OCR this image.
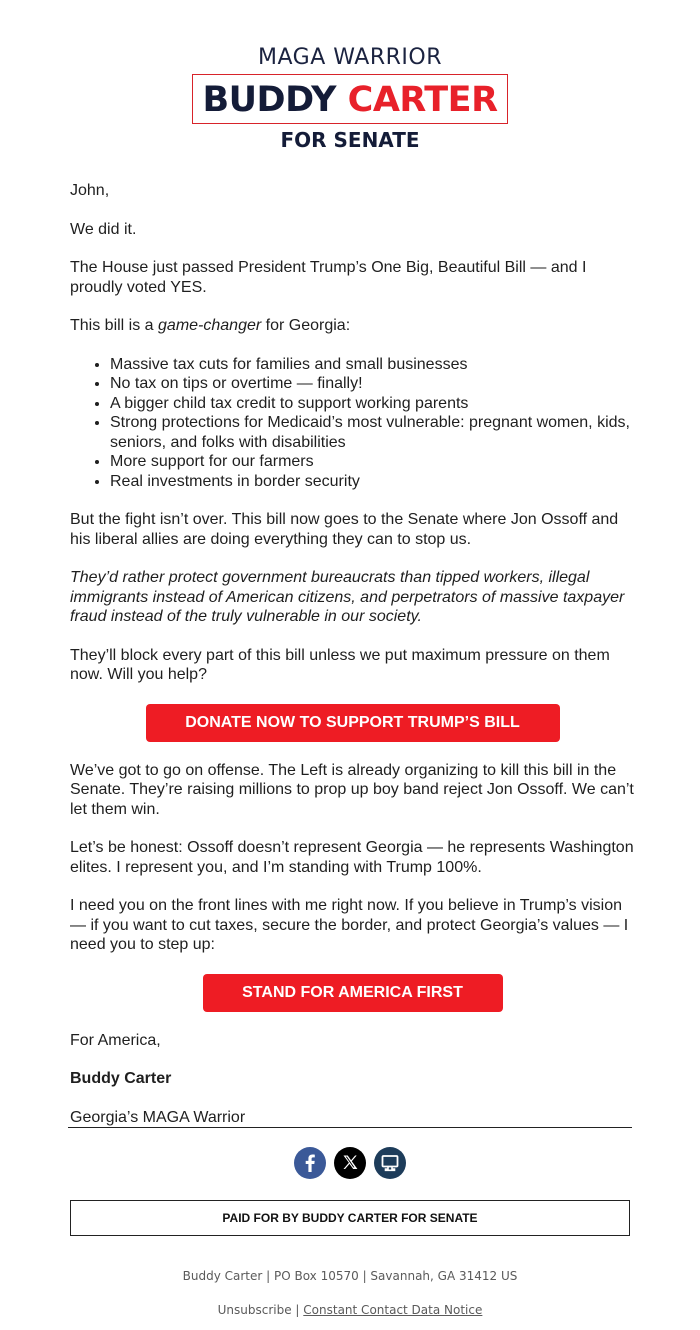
MAGA WARRIOR
BUDDY CARTER
FOR SENATE

John,

We did it.

The House just passed President Trump’s One Big, Beautiful Bill — and I proudly voted YES.

This bill is a game-changer for Georgia:

• Massive tax cuts for families and small businesses
• No tax on tips or overtime — finally!
• A bigger child tax credit to support working parents
• Strong protections for Medicaid’s most vulnerable: pregnant women, kids, seniors, and folks with disabilities
• More support for our farmers
• Real investments in border security

But the fight isn’t over. This bill now goes to the Senate where Jon Ossoff and his liberal allies are doing everything they can to stop us.

They’d rather protect government bureaucrats than tipped workers, illegal immigrants instead of American citizens, and perpetrators of massive taxpayer fraud instead of the truly vulnerable in our society.

They’ll block every part of this bill unless we put maximum pressure on them now. Will you help?

DONATE NOW TO SUPPORT TRUMP’S BILL

We’ve got to go on offense. The Left is already organizing to kill this bill in the Senate. They’re raising millions to prop up boy band reject Jon Ossoff. We can’t let them win.

Let’s be honest: Ossoff doesn’t represent Georgia — he represents Washington elites. I represent you, and I’m standing with Trump 100%.

I need you on the front lines with me right now. If you believe in Trump’s vision — if you want to cut taxes, secure the border, and protect Georgia’s values — I need you to step up:

STAND FOR AMERICA FIRST

For America,

Buddy Carter

Georgia’s MAGA Warrior

PAID FOR BY BUDDY CARTER FOR SENATE
Buddy Carter | PO Box 10570 | Savannah, GA 31412 US
Unsubscribe | Constant Contact Data Notice
